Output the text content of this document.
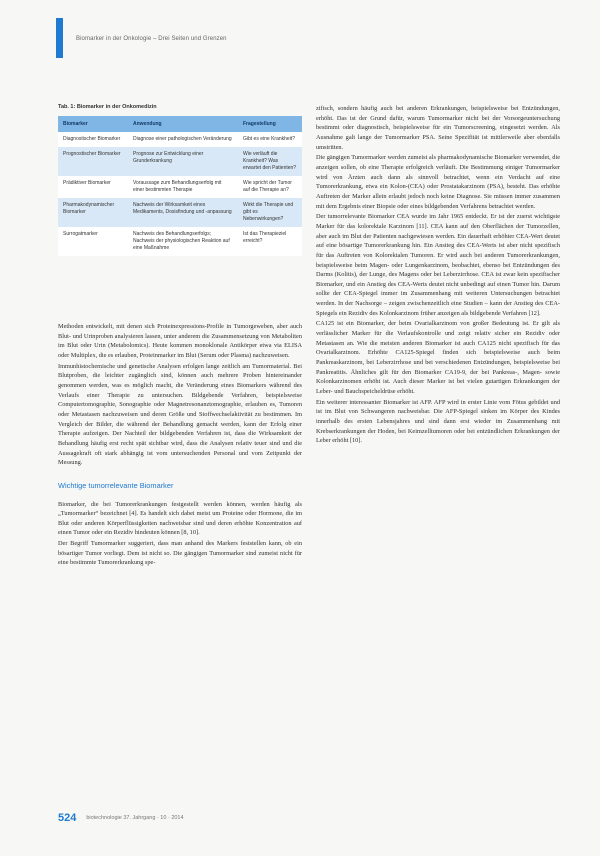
Biomarker in der Onkologie – Drei Seiten und Grenzen
Tab. 1: Biomarker in der Onkomedizin
Biomarker	Anwendung	Fragestellung
Diagnostischer Biomarker	Diagnose einer pathologischen Veränderung	Gibt es eine Krankheit?
Prognostischer Biomarker	Prognose zur Entwicklung einer Grunderkrankung	Wie verläuft die Krankheit? Was erwartet den Patienten?
Prädiktiver Biomarker	Voraussage zum Behandlungserfolg mit einer bestimmten Therapie	Wie spricht der Tumor auf die Therapie an?
Pharmakodynamischer Biomarker	Nachweis der Wirksamkeit eines Medikaments, Dosisfindung und -anpassung	Wirkt die Therapie und gibt es Nebenwirkungen?
Surrogatmarker	Nachweis des Behandlungserfolgs; Nachweis der physiologischen Reaktion auf eine Maßnahme	Ist das Therapieziel erreicht?

Methoden entwickelt, mit denen sich Proteinexpressions-Profile in Tumorgeweben, aber auch Blut- und Urinproben analysieren lassen, unter anderem die Zusammensetzung von Metaboliten im Blut oder Urin (Metabolomics). Heute kommen monoklonale Antikörper etwa via ELISA oder Multiplex, die es erlauben, Proteinmarker im Blut (Serum oder Plasma) nachzuweisen.

Immunhistochemische und genetische Analysen erfolgen lange zeitlich am Tumormaterial. Bei Blutproben, die leichter zugänglich sind, können auch mehrere Proben hintereinander genommen werden, was es möglich macht, die Veränderung eines Biomarkers während des Verlaufs einer Therapie zu untersuchen. Bildgebende Verfahren, beispielsweise Computertomographie, Sonographie oder Magnetresonanztomographie, erlauben es, Tumoren oder Metastasen nachzuweisen und deren Größe und Stoffwechselaktivität zu bestimmen. Im Vergleich der Bilder, die während der Behandlung gemacht werden, kann der Erfolg einer Therapie aufzeigen. Der Nachteil der bildgebenden Verfahren ist, dass die Wirksamkeit der Behandlung häufig erst recht spät sichtbar wird, dass die Analysen relativ teuer sind und die Aussagekraft oft stark abhängig ist vom untersuchenden Personal und vom Zeitpunkt der Messung.

Wichtige tumorrelevante Biomarker

Biomarker, die bei Tumorerkrankungen festgestellt werden können, werden häufig als „Tumormarker“ bezeichnet [4]. Es handelt sich dabei meist um Proteine oder Hormone, die im Blut oder anderen Körperflüssigkeiten nachweisbar sind und deren erhöhte Konzentration auf einen Tumor oder ein Rezidiv hindeuten können [8, 10].

Der Begriff Tumormarker suggeriert, dass man anhand des Markers feststellen kann, ob ein bösartiger Tumor vorliegt. Dem ist nicht so. Die gängigen Tumormarker sind zumeist nicht für eine bestimmte Tumorerkrankung spe-

zifisch, sondern häufig auch bei anderen Erkrankungen, beispielsweise bei Entzündungen, erhöht. Das ist der Grund dafür, warum Tumormarker nicht bei der Vorsorgeuntersuchung bestimmt oder diagnostisch, beispielsweise für ein Tumorscreening, eingesetzt werden. Als Ausnahme galt lange der Tumormarker PSA. Seine Spezifität ist mittlerweile aber ebenfalls umstritten.

Die gängigen Tumormarker werden zumeist als pharmakodynamische Biomarker verwendet, die anzeigen sollen, ob eine Therapie erfolgreich verläuft. Die Bestimmung einiger Tumormarker wird von Ärzten auch dann als sinnvoll betrachtet, wenn ein Verdacht auf eine Tumorerkrankung, etwa ein Kolon-(CEA) oder Prostatakarzinom (PSA), besteht. Das erhöhte Auftreten der Marker allein erlaubt jedoch noch keine Diagnose. Sie müssen immer zusammen mit dem Ergebnis einer Biopsie oder eines bildgebenden Verfahrens betrachtet werden.

Der tumorrelevante Biomarker CEA wurde im Jahr 1965 entdeckt. Er ist der zuerst wichtigste Marker für das kolorektale Karzinom [11]. CEA kann auf den Oberflächen der Tumorzellen, aber auch im Blut der Patienten nachgewiesen werden. Ein dauerhaft erhöhter CEA-Wert deutet auf eine bösartige Tumorerkrankung hin. Ein Anstieg des CEA-Werts ist aber nicht spezifisch für das Auftreten von Kolorektalen Tumoren. Er wird auch bei anderen Tumorerkrankungen, beispielsweise beim Magen- oder Lungenkarzinom, beobachtet, ebenso bei Entzündungen des Darms (Kolitis), der Lunge, des Magens oder bei Leberzirrhose. CEA ist zwar kein spezifischer Biomarker, und ein Anstieg des CEA-Werts deutet nicht unbedingt auf einen Tumor hin. Darum sollte der CEA-Spiegel immer im Zusammenhang mit weiteren Untersuchungen betrachtet werden. In der Nachsorge – zeigen zwischenzeitlich eine Studien – kann der Anstieg des CEA-Spiegels ein Rezidiv des Kolonkarzinom früher anzeigen als bildgebende Verfahren [12].

CA125 ist ein Biomarker, der beim Ovarialkarzinom von großer Bedeutung ist. Er gilt als verlässlicher Marker für die Verlaufskontrolle und zeigt relativ sicher ein Rezidiv oder Metastasen an. Wie die meisten anderen Biomarker ist auch CA125 nicht spezifisch für das Ovarialkarzinom. Erhöhte CA125-Spiegel finden sich beispielsweise auch beim Pankreaskarzinom, bei Leberzirrhose und bei verschiedenen Entzündungen, beispielsweise bei Pankreatitis. Ähnliches gilt für den Biomarker CA19-9, der bei Pankreas-, Magen- sowie Kolonkarzinomen erhöht ist. Auch dieser Marker ist bei vielen gutartigen Erkrankungen der Leber- und Bauchspeicheldrüse erhöht.

Ein weiterer interessanter Biomarker ist AFP. AFP wird in erster Linie vom Fötus gebildet und ist im Blut von Schwangeren nachweisbar. Die AFP-Spiegel sinken im Körper des Kindes innerhalb des ersten Lebensjahres und sind dann erst wieder im Zusammenhang mit Krebserkrankungen der Hoden, bei Keimzelltumoren oder bei entzündlichen Erkrankungen der Leber erhöht [10].

524 biotechnologie 37. Jahrgang · 10 · 2014
